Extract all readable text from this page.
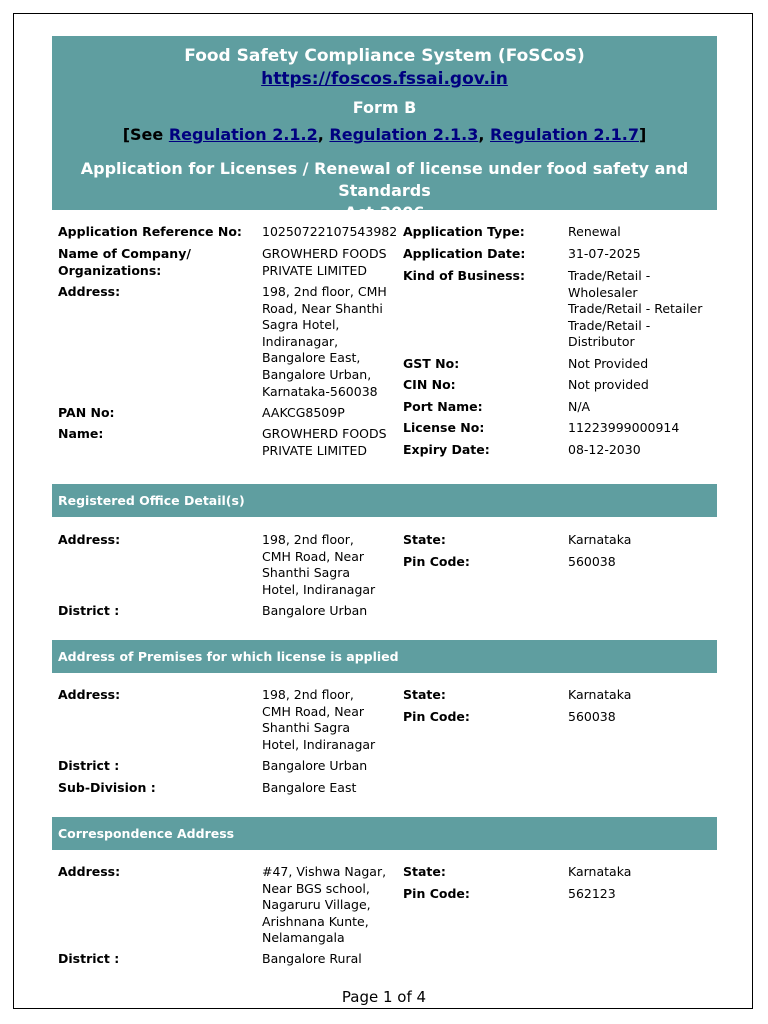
Food Safety Compliance System (FoSCoS)
https://foscos.fssai.gov.in
Form B
[See Regulation 2.1.2, Regulation 2.1.3, Regulation 2.1.7]
Application for Licenses / Renewal of license under food safety and Standards
Act,2006
Application Reference No:	10250722107543982
Name of Company/
Organizations:
GROWHERD FOODS
PRIVATE LIMITED
Address:	198, 2nd floor, CMH
Road, Near Shanthi
Sagra Hotel,
Indiranagar,
Bangalore East,
Bangalore Urban,
Karnataka-560038
PAN No:	AAKCG8509P
Name:	GROWHERD FOODS
PRIVATE LIMITED
Application Type:	Renewal
Application Date:	31-07-2025
Kind of Business:	Trade/Retail -
Wholesaler
Trade/Retail - Retailer
Trade/Retail -
Distributor
GST No:	Not Provided
CIN No:	Not provided
Port Name:	N/A
License No:	11223999000914
Expiry Date:	08-12-2030
Registered Office Detail(s)
Address:	198, 2nd floor,
CMH Road, Near
Shanthi Sagra
Hotel, Indiranagar
District :	Bangalore Urban
State:	Karnataka
Pin Code:	560038
Address of Premises for which license is applied
Address:	198, 2nd floor,
CMH Road, Near
Shanthi Sagra
Hotel, Indiranagar
District :	Bangalore Urban
Sub-Division :	Bangalore East
State:	Karnataka
Pin Code:	560038
Correspondence Address
Address:	#47, Vishwa Nagar,
Near BGS school,
Nagaruru Village,
Arishnana Kunte,
Nelamangala
District :	Bangalore Rural
State:	Karnataka
Pin Code:	562123
Page 1 of 4
